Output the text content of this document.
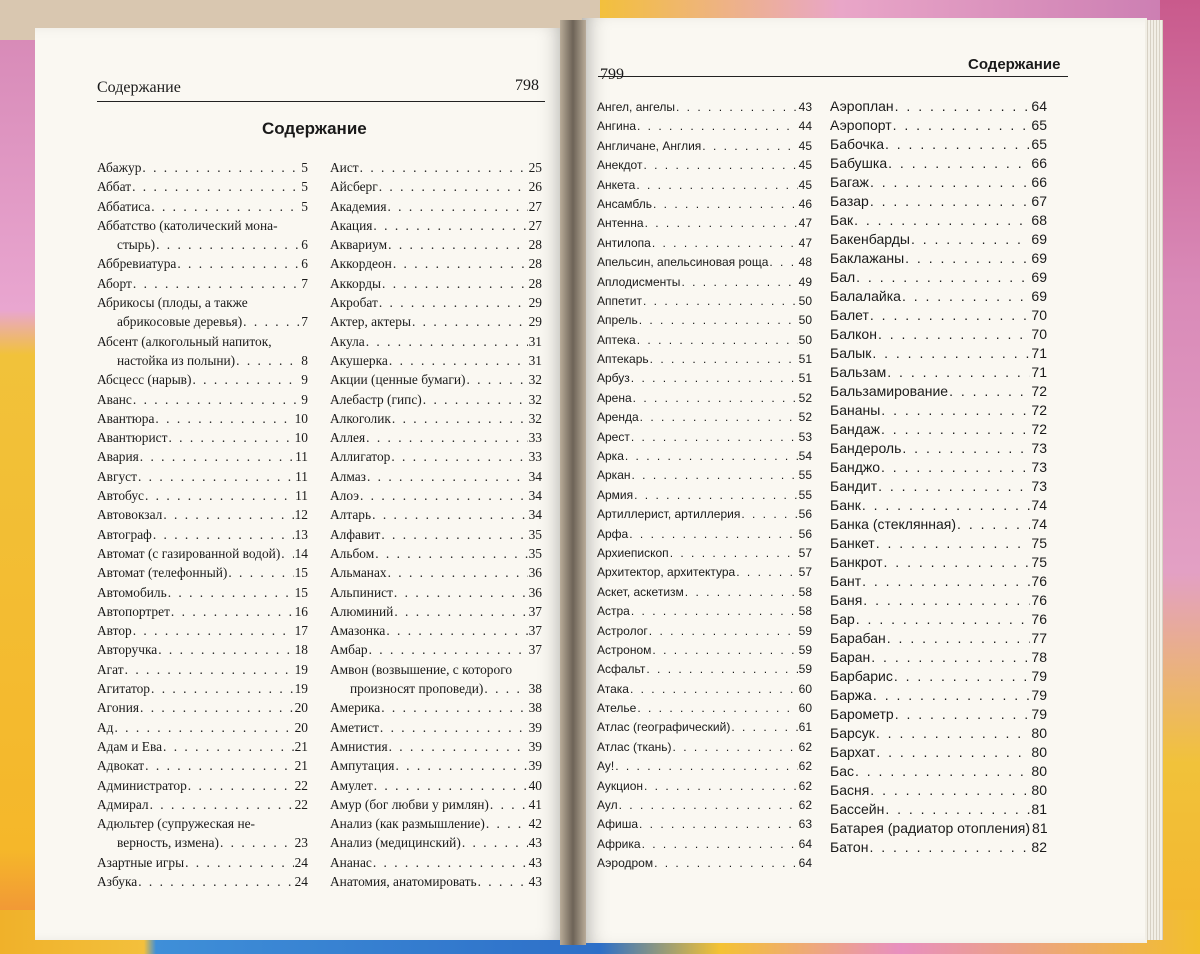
Содержание	798
Содержание
799
Содержание
Абажур . . .	5
Аббат . . .	5
Аббатиса . . .	5
Аббатство (католический мона-
стырь) . . .	6
Аббревиатура . . .	6
Аборт . . .	7
Абрикосы (плоды, а также
абрикосовые деревья) . . .	7
Абсент (алкогольный напиток,
настойка из полыни) . . .	8
Абсцесс (нарыв) . . .	9
Аванс . . .	9
Авантюра . . .	10
Авантюрист . . .	10
Авария . . .	11
Август . . .	11
Автобус . . .	11
Автовокзал . . .	12
Автограф . . .	13
Автомат (с газированной водой) . . . 14
Автомат (телефонный) . . .	15
Автомобиль . . .	15
Автопортрет . . .	16
Автор . . .	17
Авторучка . . .	18
Агат . . .	19
Агитатор . . .	19
Агония . . .	20
Ад . . .	20
Адам и Ева . . .	21
Адвокат . . .	21
Администратор . . .	22
Адмирал . . .	22
Адюльтер (супружеская не-
верность, измена) . . .	23
Азартные игры . . .	24
Азбука . . .	24
Аист . . .	25
Айсберг . . .	26
Академия . . .	27
Акация . . .	27
Аквариум . . .	28
Аккордеон . . .	28
Аккорды . . .	28
Акробат . . .	29
Актер, актеры . . .	29
Акула . . .	31
Акушерка . . .	31
Акции (ценные бумаги) . . .	32
Алебастр (гипс) . . .	32
Алкоголик . . .	32
Аллея . . .	33
Аллигатор . . .	33
Алмаз . . .	34
Алоэ . . .	34
Алтарь . . .	34
Алфавит . . .	35
Альбом . . .	35
Альманах . . .	36
Альпинист . . .	36
Алюминий . . .	37
Амазонка . . .	37
Амбар . . .	37
Амвон (возвышение, с которого
произносят проповеди) . . .	38
Америка . . .	38
Аметист . . .	39
Амнистия . . .	39
Ампутация . . .	39
Амулет . . .	40
Амур (бог любви у римлян) . . .	41
Анализ (как размышление) . . .	42
Анализ (медицинский) . . .	43
Ананас . . .	43
Анатомия, анатомировать . . .	43
Ангел, ангелы . . .	43
Ангина . . .	44
Англичане, Англия . . .	45
Анекдот . . .	45
Анкета . . .	45
Ансамбль . . .	46
Антенна . . .	47
Антилопа . . .	47
Апельсин, апельсиновая роща . . .	48
Аплодисменты . . .	49
Аппетит . . .	50
Апрель . . .	50
Аптека . . .	50
Аптекарь . . .	51
Арбуз . . .	51
Арена . . .	52
Аренда . . .	52
Арест . . .	53
Арка . . .	54
Аркан . . .	55
Армия . . .	55
Артиллерист, артиллерия . . .	56
Арфа . . .	56
Архиепископ . . .	57
Архитектор, архитектура . . .	57
Аскет, аскетизм . . .	58
Астра . . .	58
Астролог . . .	59
Астроном . . .	59
Асфальт . . .	59
Атака . . .	60
Ателье . . .	60
Атлас (географический) . . .	61
Атлас (ткань) . . .	62
Ау! . . .	62
Аукцион . . .	62
Аул . . .	62
Афиша . . .	63
Африка . . .	64
Аэродром . . .	64
Аэроплан . . .	64
Аэропорт . . .	65
Бабочка . . .	65
Бабушка . . .	66
Багаж . . .	66
Базар . . .	67
Бак . . .	68
Бакенбарды . . .	69
Баклажаны . . .	69
Бал . . .	69
Балалайка . . .	69
Балет . . .	70
Балкон . . .	70
Балык . . .	71
Бальзам . . .	71
Бальзамирование . . .	72
Бананы . . .	72
Бандаж . . .	72
Бандероль . . .	73
Банджо . . .	73
Бандит . . .	73
Банк . . .	74
Банка (стеклянная) . . .	74
Банкет . . .	75
Банкрот . . .	75
Бант . . .	76
Баня . . .	76
Бар . . .	76
Барабан . . .	77
Баран . . .	78
Барбарис . . .	79
Баржа . . .	79
Барометр . . .	79
Барсук . . .	80
Бархат . . .	80
Бас . . .	80
Басня . . .	80
Бассейн . . .	81
Батарея (радиатор отопления) 81
Батон . . .	82
